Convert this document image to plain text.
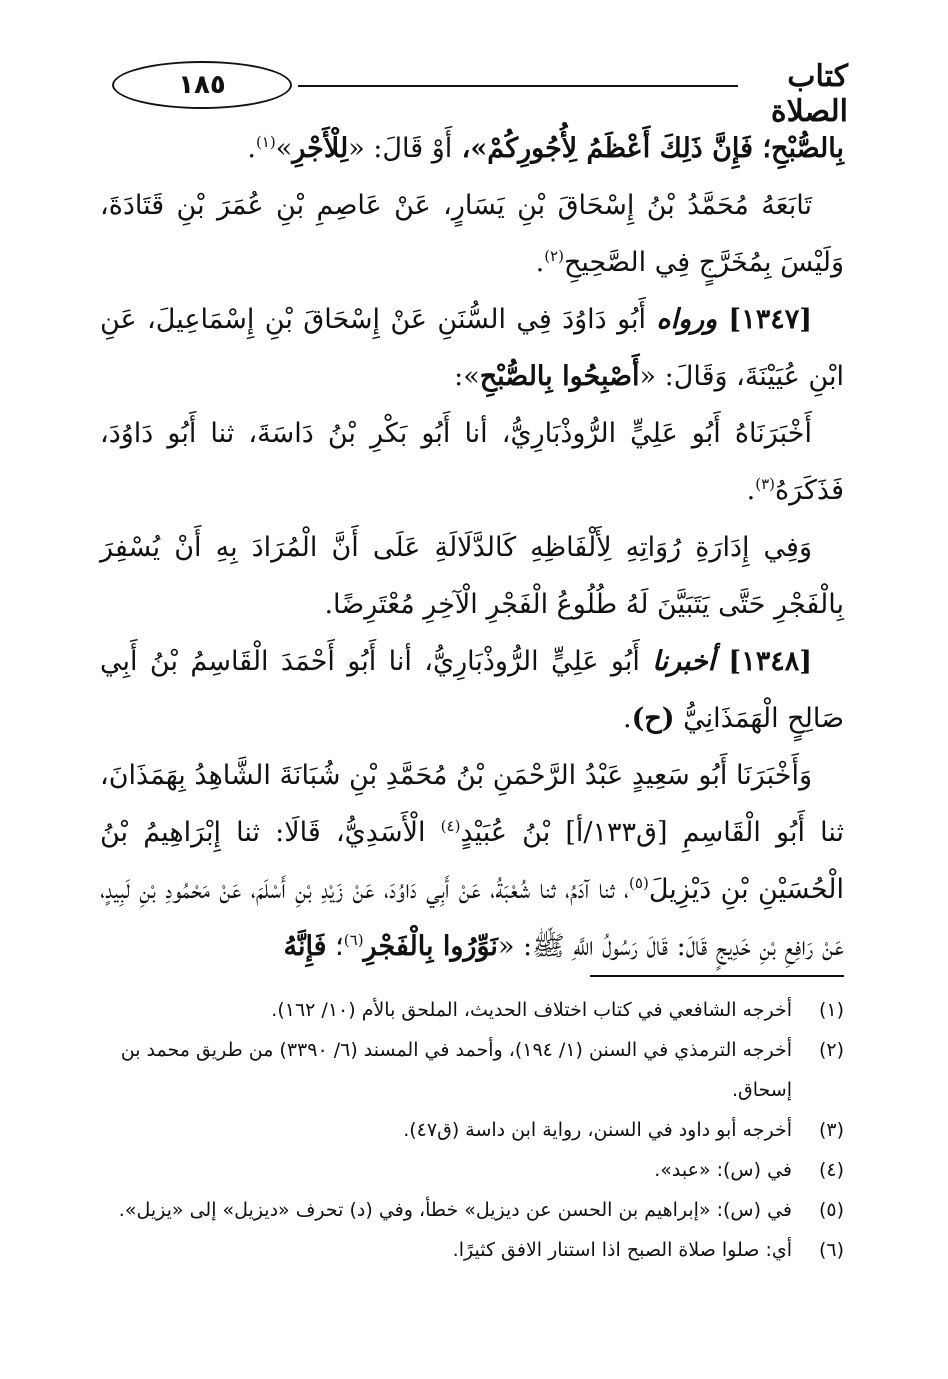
١٨٥	كتاب الصلاة

بِالصُّبْحِ؛ فَإِنَّ ذَلِكَ أَعْظَمُ لِأُجُورِكُمْ»، أَوْ قَالَ: «لِلْأَجْرِ»$^{(١)}$.

تَابَعَهُ مُحَمَّدُ بْنُ إِسْحَاقَ بْنِ يَسَارٍ، عَنْ عَاصِمِ بْنِ عُمَرَ بْنِ قَتَادَةَ، وَلَيْسَ بِمُخَرَّجٍ فِي الصَّحِيحِ$^{(٢)}$.

[١٣٤٧] ورواه أَبُو دَاوُدَ فِي السُّنَنِ عَنْ إِسْحَاقَ بْنِ إِسْمَاعِيلَ، عَنِ ابْنِ عُيَيْنَةَ، وَقَالَ: «أَصْبِحُوا بِالصُّبْحِ»:

أَخْبَرَنَاهُ أَبُو عَلِيٍّ الرُّوذْبَارِيُّ، أنا أَبُو بَكْرِ بْنُ دَاسَةَ، ثنا أَبُو دَاوُدَ، فَذَكَرَهُ$^{(٣)}$.

وَفِي إِدَارَةِ رُوَاتِهِ لِأَلْفَاظِهِ كَالدَّلَالَةِ عَلَى أَنَّ الْمُرَادَ بِهِ أَنْ يُسْفِرَ بِالْفَجْرِ حَتَّى يَتَبَيَّنَ لَهُ طُلُوعُ الْفَجْرِ الْآخِرِ مُعْتَرِضًا.

[١٣٤٨] أخبرنا أَبُو عَلِيٍّ الرُّوذْبَارِيُّ، أنا أَبُو أَحْمَدَ الْقَاسِمُ بْنُ أَبِي صَالِحٍ الْهَمَذَانِيُّ (ح).

وَأَخْبَرَنَا أَبُو سَعِيدٍ عَبْدُ الرَّحْمَنِ بْنُ مُحَمَّدِ بْنِ شُبَانَةَ الشَّاهِدُ بِهَمَذَانَ، ثنا أَبُو الْقَاسِمِ [ق١٣٣/أ] بْنُ عُبَيْدٍ$^{(٤)}$ الْأَسَدِيُّ، قَالَا: ثنا إِبْرَاهِيمُ بْنُ الْحُسَيْنِ بْنِ دَيْزِيلَ$^{(٥)}$، ثنا آدَمُ، ثنا شُعْبَةُ، عَنْ أَبِي دَاوُدَ، عَنْ زَيْدِ بْنِ أَسْلَمَ، عَنْ مَحْمُودِ بْنِ لَبِيدٍ، عَنْ رَافِعِ بْنِ خَدِيجٍ قَالَ: قَالَ رَسُولُ اللَّهِ ﷺ: «نَوِّرُوا بِالْفَجْرِ$^{(٦)}$؛ فَإِنَّهُ

(١)
أخرجه الشافعي في كتاب اختلاف الحديث، الملحق بالأم (١٠/ ١٦٢).
(٢)
أخرجه الترمذي في السنن (١/ ١٩٤)، وأحمد في المسند (٦/ ٣٣٩٠) من طريق محمد بن إسحاق.
(٣)
أخرجه أبو داود في السنن، رواية ابن داسة (ق٤٧).
(٤)
في (س): «عبد».
(٥)
في (س): «إبراهيم بن الحسن عن ديزيل» خطأ، وفي (د) تحرف «ديزيل» إلى «يزيل».
(٦)
أي: صلوا صلاة الصبح اذا استنار الافق كثيرًا.
